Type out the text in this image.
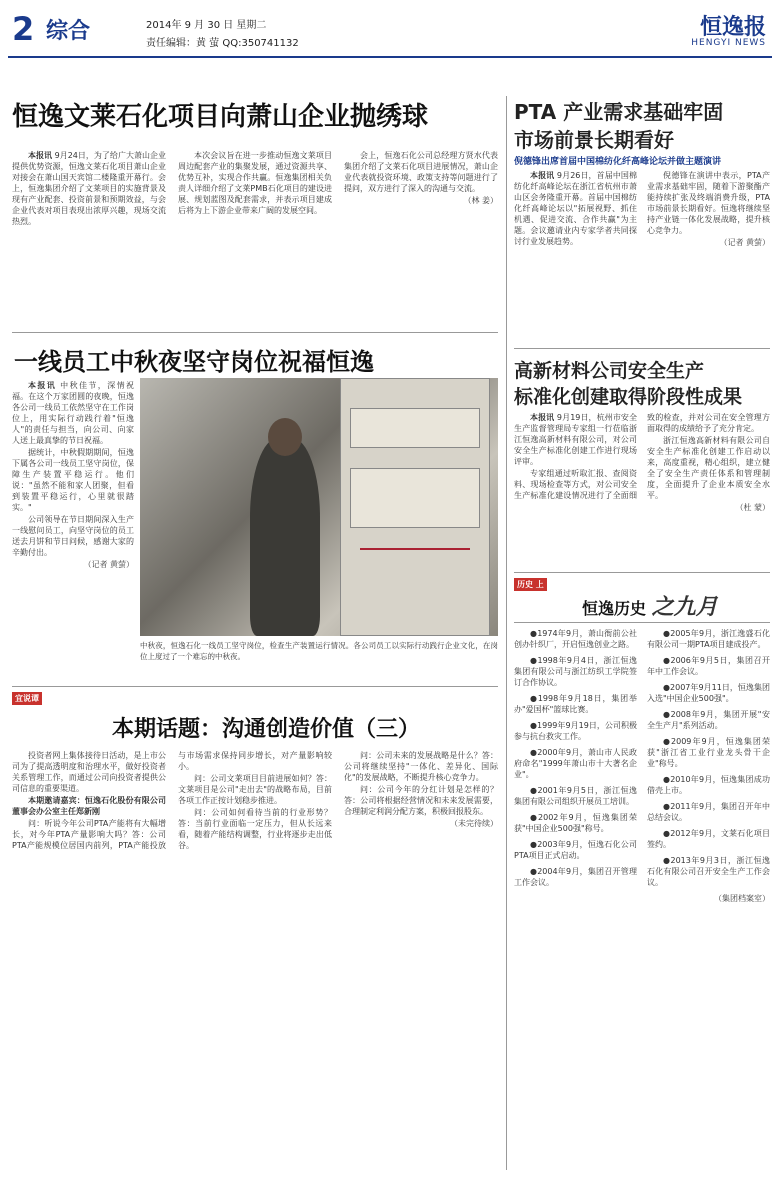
2 综合	2014年 9 月 30 日 星期二
责任编辑：黄 萤 QQ:350741132
恒逸报
HENGYI NEWS
恒逸文莱石化项目向萧山企业抛绣球

本报讯 9月24日，为了给广大萧山企业提供优势资源，恒逸文莱石化项目萧山企业对接会在萧山国天宾馆二楼隆重开幕行。会上，恒逸集团介绍了文莱项目的实施背景及现有产业配套、投资前景和预期效益，与会企业代表对项目表现出浓厚兴趣，现场交流热烈。

本次会议旨在进一步推动恒逸文莱项目周边配套产业的集聚发展，通过资源共享、优势互补，实现合作共赢。恒逸集团相关负责人详细介绍了文莱PMB石化项目的建设进展、规划蓝图及配套需求，并表示项目建成后将为上下游企业带来广阔的发展空间。

会上，恒逸石化公司总经理方贤水代表集团介绍了文莱石化项目进展情况，萧山企业代表就投资环境、政策支持等问题进行了提问，双方进行了深入的沟通与交流。

（林 姜）

一线员工中秋夜坚守岗位祝福恒逸

本报讯 中秋佳节，深情祝福。在这个万家团圆的夜晚，恒逸各公司一线员工依然坚守在工作岗位上，用实际行动践行着"恒逸人"的责任与担当，向公司、向家人送上最真挚的节日祝福。

据统计，中秋假期期间，恒逸下属各公司一线员工坚守岗位，保障生产装置平稳运行。他们说："虽然不能和家人团聚，但看到装置平稳运行，心里就很踏实。"

公司领导在节日期间深入生产一线慰问员工，向坚守岗位的员工送去月饼和节日问候，感谢大家的辛勤付出。

（记者 黄萤）

中秋夜，恒逸石化一线员工坚守岗位，检查生产装置运行情况。各公司员工以实际行动践行企业文化，在岗位上度过了一个难忘的中秋夜。
宜说谭
本期话题：沟通创造价值（三）

投资者网上集体接待日活动，是上市公司为了提高透明度和治理水平，做好投资者关系管理工作，而通过公司向投资者提供公司信息的重要渠道。

本期邀请嘉宾：恒逸石化股份有限公司董事会办公室主任郑新刚

问：听说今年公司PTA产能将有大幅增长，对今年PTA产量影响大吗？答：公司PTA产能规模位居国内前列，PTA产能投放与市场需求保持同步增长，对产量影响较小。

问：公司文莱项目目前进展如何？答：文莱项目是公司"走出去"的战略布局，目前各项工作正按计划稳步推进。

问：公司如何看待当前的行业形势？答：当前行业面临一定压力，但从长远来看，随着产能结构调整，行业将逐步走出低谷。

问：公司未来的发展战略是什么？答：公司将继续坚持"一体化、差异化、国际化"的发展战略，不断提升核心竞争力。

问：公司今年的分红计划是怎样的？答：公司将根据经营情况和未来发展需要，合理制定利润分配方案，积极回报股东。

（未完待续）

PTA 产业需求基础牢固
市场前景长期看好
倪德锋出席首届中国棉纺化纤高峰论坛并做主题演讲

本报讯 9月26日，首届中国棉纺化纤高峰论坛在浙江省杭州市萧山区会务隆重开幕。首届中国棉纺化纤高峰论坛以"拓展视野、抓住机遇、促进交流、合作共赢"为主题。会议邀请业内专家学者共同探讨行业发展趋势。

倪德锋在演讲中表示，PTA产业需求基础牢固，随着下游聚酯产能持续扩张及终端消费升级，PTA市场前景长期看好。恒逸将继续坚持产业链一体化发展战略，提升核心竞争力。

（记者 黄萤）

高新材料公司安全生产
标准化创建取得阶段性成果

本报讯 9月19日，杭州市安全生产监督管理局专家组一行莅临浙江恒逸高新材料有限公司，对公司安全生产标准化创建工作进行现场评审。

专家组通过听取汇报、查阅资料、现场检查等方式，对公司安全生产标准化建设情况进行了全面细致的检查，并对公司在安全管理方面取得的成绩给予了充分肯定。

浙江恒逸高新材料有限公司自安全生产标准化创建工作启动以来，高度重视，精心组织，建立健全了安全生产责任体系和管理制度，全面提升了企业本质安全水平。

（杜 蒙）

历史 上
恒逸历史 之九月

●1974年9月，萧山衙前公社创办针织厂，开启恒逸创业之路。

●1998年9月4日，浙江恒逸集团有限公司与浙江纺织工学院签订合作协议。

●1998年9月18日，集团举办"爱国杯"篮球比赛。

●1999年9月19日，公司积极参与抗台救灾工作。

●2000年9月，萧山市人民政府命名"1999年萧山市十大著名企业"。

●2001年9月5日，浙江恒逸集团有限公司组织开展员工培训。

●2002年9月，恒逸集团荣获"中国企业500强"称号。

●2003年9月，恒逸石化公司PTA项目正式启动。

●2004年9月，集团召开管理工作会议。

●2005年9月，浙江逸盛石化有限公司一期PTA项目建成投产。

●2006年9月5日，集团召开年中工作会议。

●2007年9月11日，恒逸集团入选"中国企业500强"。

●2008年9月，集团开展"安全生产月"系列活动。

●2009年9月，恒逸集团荣获"浙江省工业行业龙头骨干企业"称号。

●2010年9月，恒逸集团成功借壳上市。

●2011年9月，集团召开年中总结会议。

●2012年9月，文莱石化项目签约。

●2013年9月3日，浙江恒逸石化有限公司召开安全生产工作会议。

（集团档案室）
